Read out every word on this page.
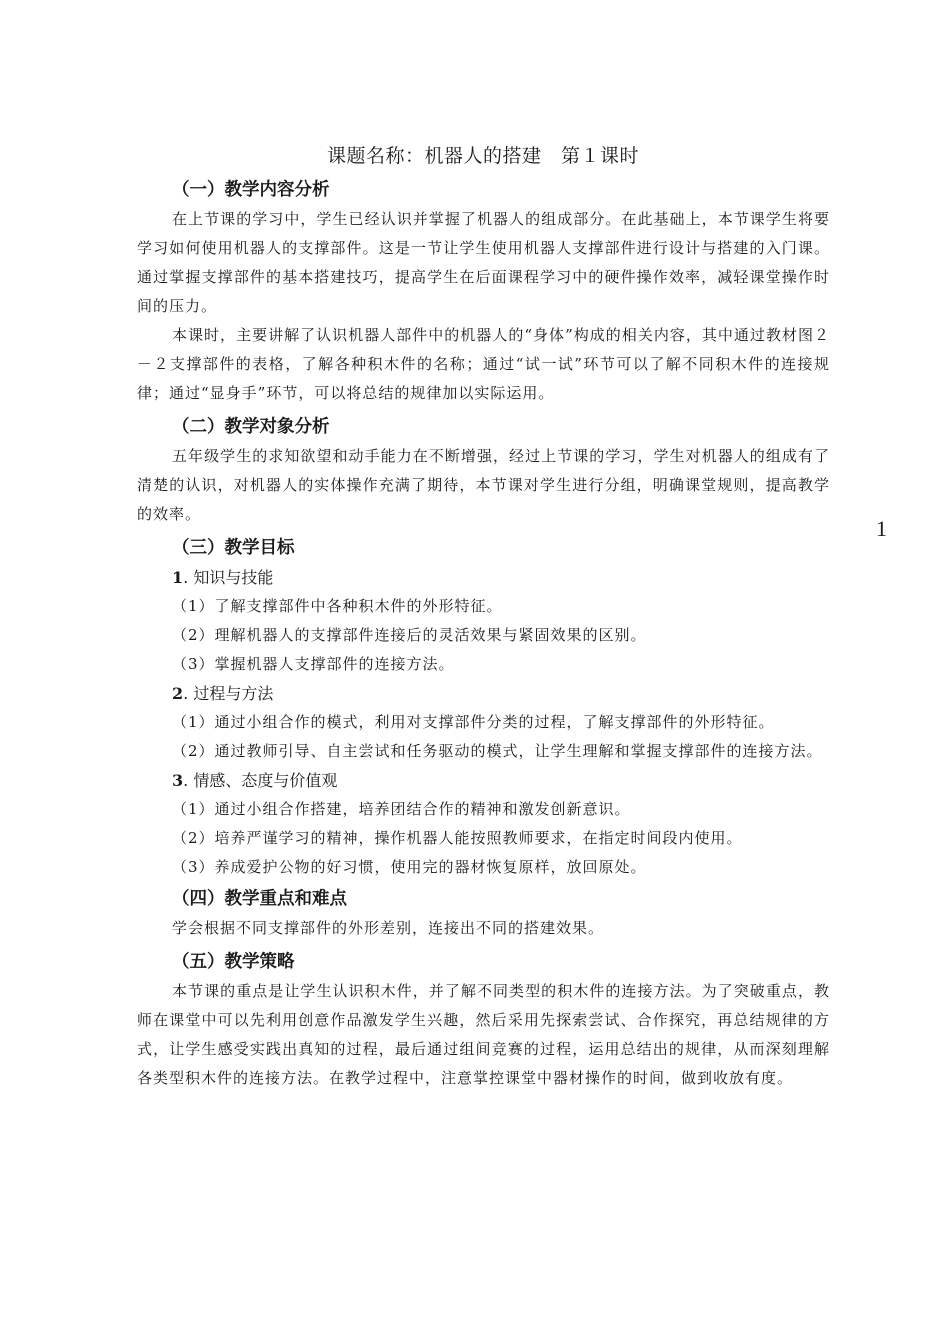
课题名称：机器人的搭建　第１课时
1
（一）教学内容分析

在上节课的学习中，学生已经认识并掌握了机器人的组成部分。在此基础上，本节课学生将要学习如何使用机器人的支撑部件。这是一节让学生使用机器人支撑部件进行设计与搭建的入门课。通过掌握支撑部件的基本搭建技巧，提高学生在后面课程学习中的硬件操作效率，减轻课堂操作时间的压力。

本课时，主要讲解了认识机器人部件中的机器人的“身体”构成的相关内容，其中通过教材图２－２支撑部件的表格，了解各种积木件的名称；通过“试一试”环节可以了解不同积木件的连接规律；通过“显身手”环节，可以将总结的规律加以实际运用。

（二）教学对象分析

五年级学生的求知欲望和动手能力在不断增强，经过上节课的学习，学生对机器人的组成有了清楚的认识，对机器人的实体操作充满了期待，本节课对学生进行分组，明确课堂规则，提高教学的效率。

（三）教学目标
1. 知识与技能

（1）了解支撑部件中各种积木件的外形特征。

（2）理解机器人的支撑部件连接后的灵活效果与紧固效果的区别。

（3）掌握机器人支撑部件的连接方法。

2. 过程与方法

（1）通过小组合作的模式，利用对支撑部件分类的过程，了解支撑部件的外形特征。

（2）通过教师引导、自主尝试和任务驱动的模式，让学生理解和掌握支撑部件的连接方法。

3. 情感、态度与价值观

（1）通过小组合作搭建，培养团结合作的精神和激发创新意识。

（2）培养严谨学习的精神，操作机器人能按照教师要求，在指定时间段内使用。

（3）养成爱护公物的好习惯，使用完的器材恢复原样，放回原处。

（四）教学重点和难点

学会根据不同支撑部件的外形差别，连接出不同的搭建效果。

（五）教学策略

本节课的重点是让学生认识积木件，并了解不同类型的积木件的连接方法。为了突破重点，教师在课堂中可以先利用创意作品激发学生兴趣，然后采用先探索尝试、合作探究，再总结规律的方式，让学生感受实践出真知的过程，最后通过组间竞赛的过程，运用总结出的规律，从而深刻理解各类型积木件的连接方法。在教学过程中，注意掌控课堂中器材操作的时间，做到收放有度。
